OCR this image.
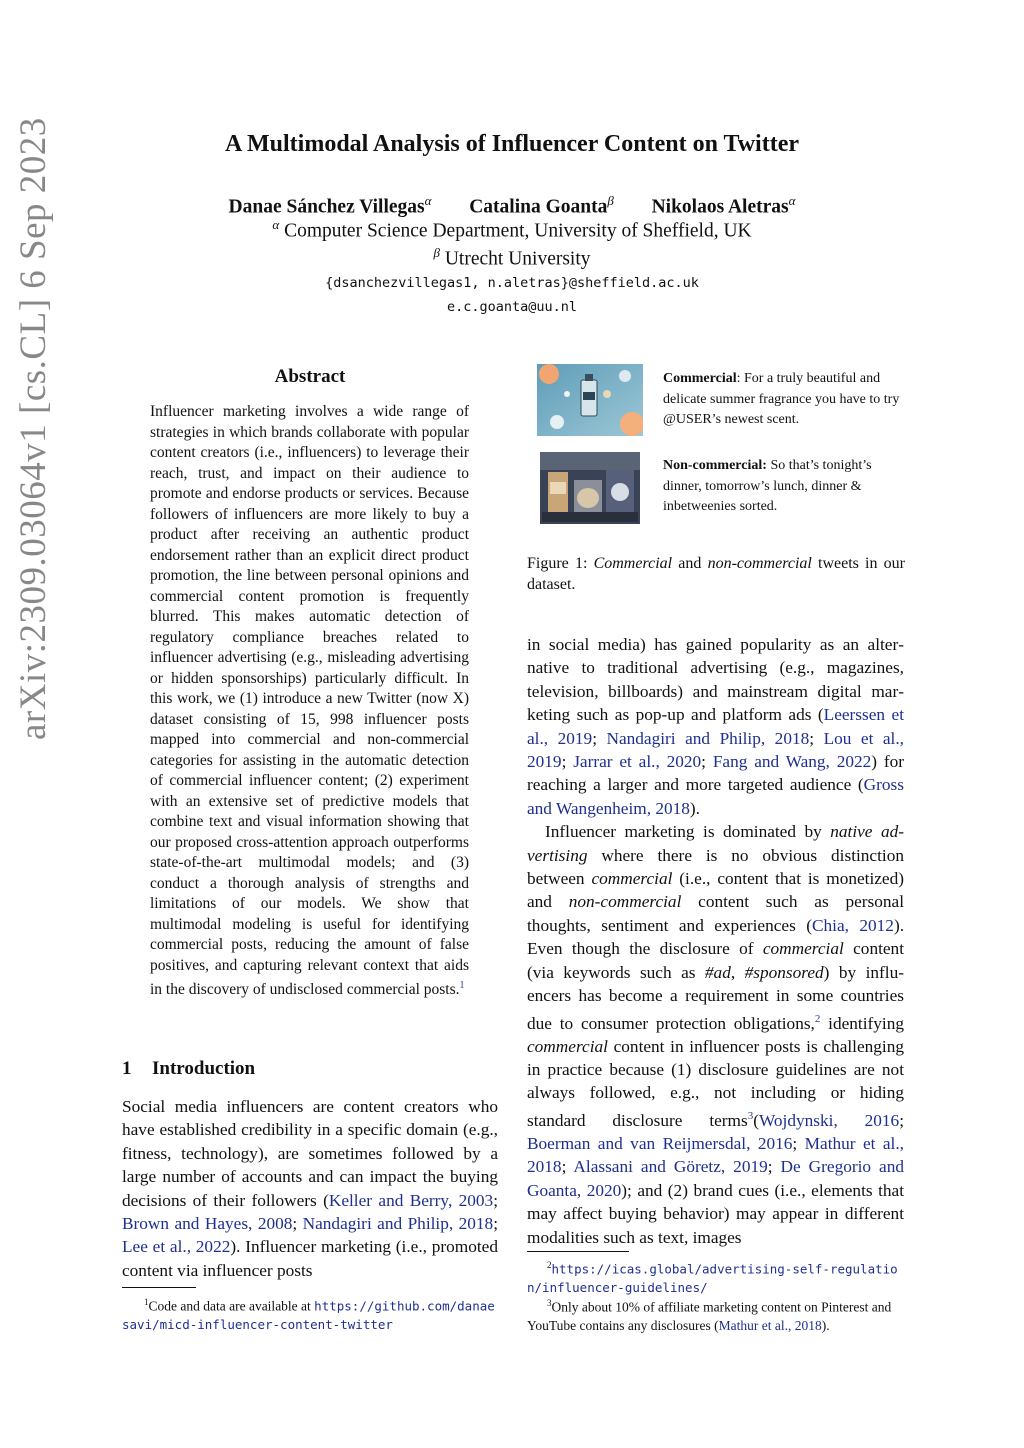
arXiv:2309.03064v1 [cs.CL] 6 Sep 2023	A Multimodal Analysis of Influencer Content on Twitter
Danae Sánchez Villegas$^\alpha$ Catalina Goanta$^\beta$ Nikolaos Aletras$^\alpha$
$^\alpha$ Computer Science Department, University of Sheffield, UK
$^\beta$ Utrecht University
{dsanchezvillegas1, n.aletras}@sheffield.ac.uk
e.c.goanta@uu.nl
Abstract
Influencer marketing involves a wide range of strategies in which brands collaborate with popular content creators (i.e., influencers) to leverage their reach, trust, and impact on their audience to promote and endorse products or services. Because followers of influencers are more likely to buy a product after receiving an authentic product endorsement rather than an explicit direct product promotion, the line between personal opinions and commercial content promotion is frequently blurred. This makes automatic detection of regulatory compliance breaches related to influencer advertising (e.g., misleading advertising or hidden sponsorships) particularly difficult. In this work, we (1) introduce a new Twitter (now X) dataset consisting of 15, 998 influencer posts mapped into commercial and non-commercial categories for assisting in the automatic detection of commercial influencer content; (2) experiment with an extensive set of predictive models that combine text and visual information showing that our proposed cross-attention approach outperforms state-of-the-art multimodal models; and (3) conduct a thorough analysis of strengths and limitations of our models. We show that multimodal modeling is useful for identifying commercial posts, reducing the amount of false positives, and capturing relevant context that aids in the discovery of undisclosed commercial posts.$^1$
1 Introduction
Social media influencers are content creators who have established credibility in a specific domain (e.g., fitness, technology), are sometimes followed by a large number of accounts and can impact the buying decisions of their followers (Keller and Berry, 2003; Brown and Hayes, 2008; Nandagiri and Philip, 2018; Lee et al., 2022). Influencer marketing (i.e., promoted content via influencer posts
$^1$Code and data are available at https://github.com/danaesavi/micd-influencer-content-twitter
Commercial: For a truly beautiful and delicate summer fragrance you have to try @USER’s newest scent.
Non-commercial: So that’s tonight’s dinner, tomorrow’s lunch, dinner & inbetweenies sorted.
Figure 1: Commercial and non-commercial tweets in our dataset.

in social media) has gained popularity as an alternative to traditional advertising (e.g., magazines, television, billboards) and mainstream digital marketing such as pop-up and platform ads (Leerssen et al., 2019; Nandagiri and Philip, 2018; Lou et al., 2019; Jarrar et al., 2020; Fang and Wang, 2022) for reaching a larger and more targeted audience (Gross and Wangenheim, 2018).

Influencer marketing is dominated by native advertising where there is no obvious distinction between commercial (i.e., content that is monetized) and non-commercial content such as personal thoughts, sentiment and experiences (Chia, 2012). Even though the disclosure of commercial content (via keywords such as #ad, #sponsored) by influencers has become a requirement in some countries due to consumer protection obligations,$^2$ identifying commercial content in influencer posts is challenging in practice because (1) disclosure guidelines are not always followed, e.g., not including or hiding standard disclosure terms$^3$(Wojdynski, 2016; Boerman and van Reijmersdal, 2016; Mathur et al., 2018; Alassani and Göretz, 2019; De Gregorio and Goanta, 2020); and (2) brand cues (i.e., elements that may affect buying behavior) may appear in different modalities such as text, images

$^2$https://icas.global/advertising-self-regulation/influencer-guidelines/
$^3$Only about 10% of affiliate marketing content on Pinterest and YouTube contains any disclosures (Mathur et al., 2018).
